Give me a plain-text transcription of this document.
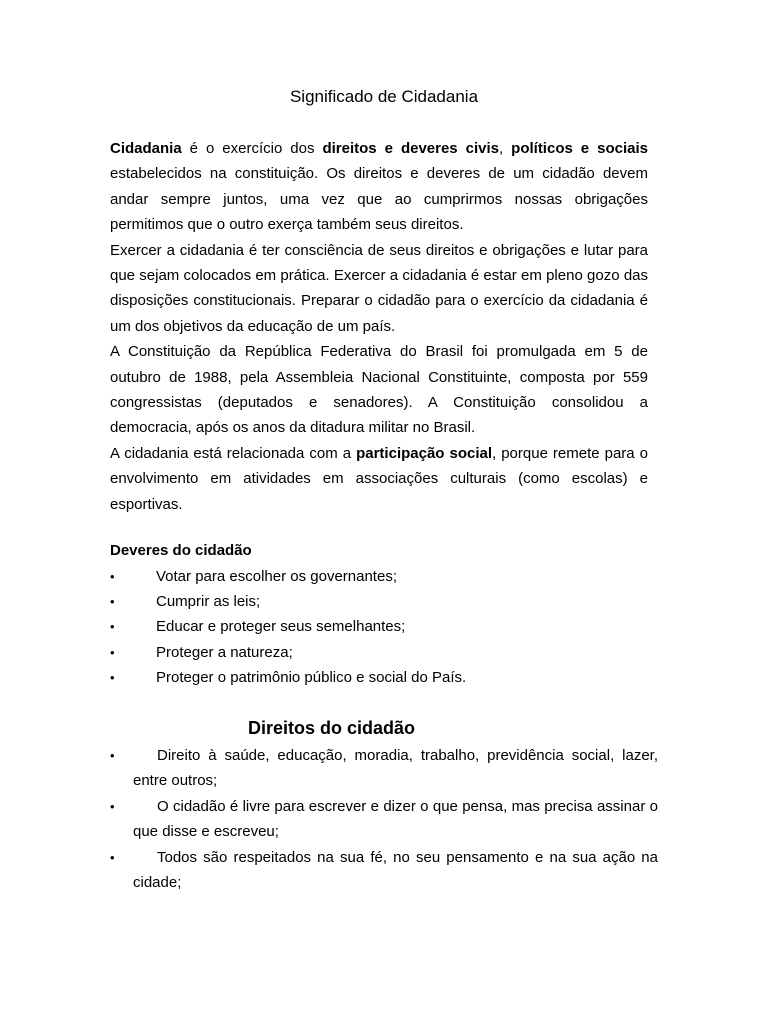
Significado de Cidadania

Cidadania é o exercício dos direitos e deveres civis, políticos e sociais estabelecidos na constituição. Os direitos e deveres de um cidadão devem andar sempre juntos, uma vez que ao cumprirmos nossas obrigações permitimos que o outro exerça também seus direitos.

Exercer a cidadania é ter consciência de seus direitos e obrigações e lutar para que sejam colocados em prática. Exercer a cidadania é estar em pleno gozo das disposições constitucionais. Preparar o cidadão para o exercício da cidadania é um dos objetivos da educação de um país.

A Constituição da República Federativa do Brasil foi promulgada em 5 de outubro de 1988, pela Assembleia Nacional Constituinte, composta por 559 congressistas (deputados e senadores). A Constituição consolidou a democracia, após os anos da ditadura militar no Brasil.

A cidadania está relacionada com a participação social, porque remete para o envolvimento em atividades em associações culturais (como escolas) e esportivas.

Deveres do cidadão
•	Votar para escolher os governantes;
•	Cumprir as leis;
•	Educar e proteger seus semelhantes;
•	Proteger a natureza;
•	Proteger o patrimônio público e social do País.
Direitos do cidadão
•	Direito à saúde, educação, moradia, trabalho, previdência social, lazer, entre outros;
•	O cidadão é livre para escrever e dizer o que pensa, mas precisa assinar o que disse e escreveu;
•	Todos são respeitados na sua fé, no seu pensamento e na sua ação na cidade;
